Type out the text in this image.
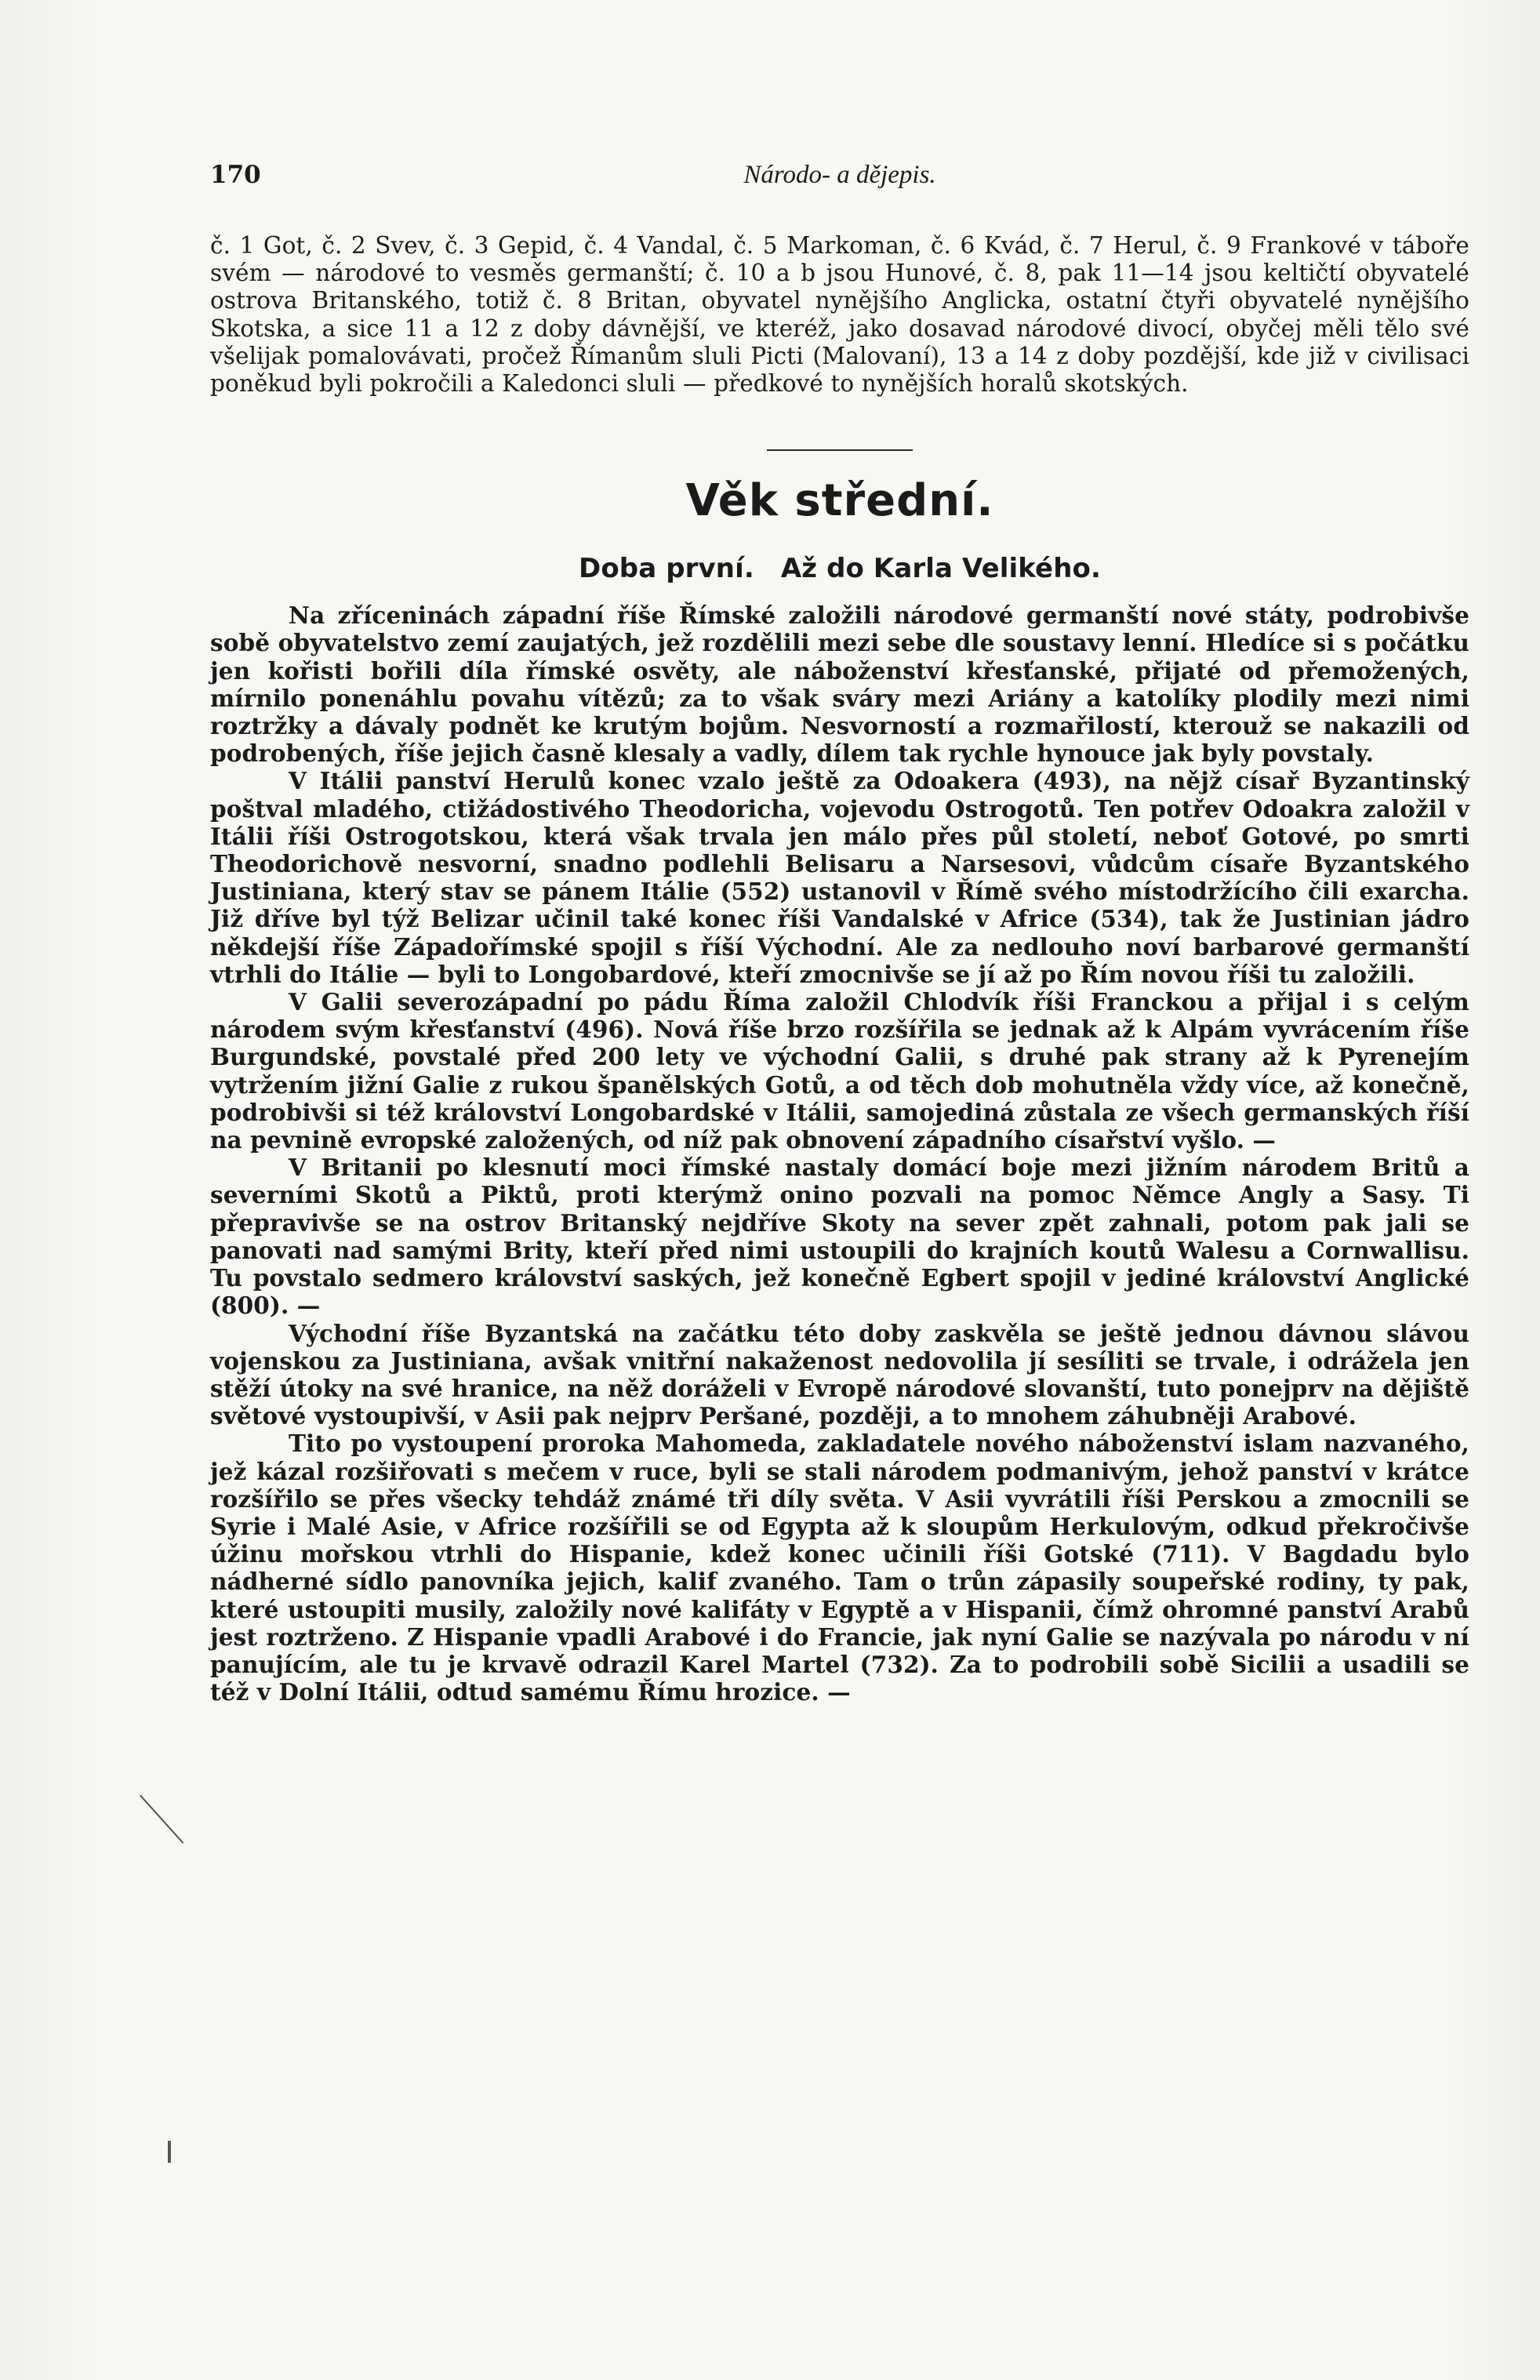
170	Národo- a dějepis.

č. 1 Got, č. 2 Svev, č. 3 Gepid, č. 4 Vandal, č. 5 Markoman, č. 6 Kvád, č. 7 Herul, č. 9 Frankové v táboře svém — národové to vesměs germanští; č. 10 a b jsou Hunové, č. 8, pak 11—14 jsou keltičtí obyvatelé ostrova Britanského, totiž č. 8 Britan, obyvatel nynějšího Anglicka, ostatní čtyři obyvatelé nynějšího Skotska, a sice 11 a 12 z doby dávnější, ve kteréž, jako dosavad národové divocí, obyčej měli tělo své všelijak pomalovávati, pročež Římanům sluli Picti (Malovaní), 13 a 14 z doby pozdější, kde již v civilisaci poněkud byli pokročili a Kaledonci sluli — předkové to nynějších horalů skotských.

Věk střední.
Doba první. Až do Karla Velikého.

Na zříceninách západní říše Římské založili národové germanští nové státy, podrobivše sobě obyvatelstvo zemí zaujatých, jež rozdělili mezi sebe dle soustavy lenní. Hledíce si s počátku jen kořisti bořili díla římské osvěty, ale náboženství křesťanské, přijaté od přemožených, mírnilo ponenáhlu povahu vítězů; za to však sváry mezi Ariány a katolíky plodily mezi nimi roztržky a dávaly podnět ke krutým bojům. Nesvorností a rozmařilostí, kterouž se nakazili od podrobených, říše jejich časně klesaly a vadly, dílem tak rychle hynouce jak byly povstaly.

V Itálii panství Herulů konec vzalo ještě za Odoakera (493), na nějž císař Byzantinský poštval mladého, ctižádostivého Theodoricha, vojevodu Ostrogotů. Ten potřev Odoakra založil v Itálii říši Ostrogotskou, která však trvala jen málo přes půl století, neboť Gotové, po smrti Theodorichově nesvorní, snadno podlehli Belisaru a Narsesovi, vůdcům císaře Byzantského Justiniana, který stav se pánem Itálie (552) ustanovil v Římě svého místodržícího čili exarcha. Již dříve byl týž Belizar učinil také konec říši Vandalské v Africe (534), tak že Justinian jádro někdejší říše Západořímské spojil s říší Východní. Ale za nedlouho noví barbarové germanští vtrhli do Itálie — byli to Longobardové, kteří zmocnivše se jí až po Řím novou říši tu založili.

V Galii severozápadní po pádu Říma založil Chlodvík říši Franckou a přijal i s celým národem svým křesťanství (496). Nová říše brzo rozšířila se jednak až k Alpám vyvrácením říše Burgundské, povstalé před 200 lety ve východní Galii, s druhé pak strany až k Pyrenejím vytržením jižní Galie z rukou španělských Gotů, a od těch dob mohutněla vždy více, až konečně, podrobivši si též království Longobardské v Itálii, samojediná zůstala ze všech germanských říší na pevnině evropské založených, od níž pak obnovení západního císařství vyšlo. —

V Britanii po klesnutí moci římské nastaly domácí boje mezi jižním národem Britů a severními Skotů a Piktů, proti kterýmž onino pozvali na pomoc Němce Angly a Sasy. Ti přepravivše se na ostrov Britanský nejdříve Skoty na sever zpět zahnali, potom pak jali se panovati nad samými Brity, kteří před nimi ustoupili do krajních koutů Walesu a Cornwallisu. Tu povstalo sedmero království saských, jež konečně Egbert spojil v jediné království Anglické (800). —

Východní říše Byzantská na začátku této doby zaskvěla se ještě jednou dávnou slávou vojenskou za Justiniana, avšak vnitřní nakaženost nedovolila jí sesíliti se trvale, i odrážela jen stěží útoky na své hranice, na něž doráželi v Evropě národové slovanští, tuto ponejprv na dějiště světové vystoupivší, v Asii pak nejprv Peršané, později, a to mnohem záhubněji Arabové.

Tito po vystoupení proroka Mahomeda, zakladatele nového náboženství islam nazvaného, jež kázal rozšiřovati s mečem v ruce, byli se stali národem podmanivým, jehož panství v krátce rozšířilo se přes všecky tehdáž známé tři díly světa. V Asii vyvrátili říši Perskou a zmocnili se Syrie i Malé Asie, v Africe rozšířili se od Egypta až k sloupům Herkulovým, odkud překročivše úžinu mořskou vtrhli do Hispanie, kdež konec učinili říši Gotské (711). V Bagdadu bylo nádherné sídlo panovníka jejich, kalif zvaného. Tam o trůn zápasily soupeřské rodiny, ty pak, které ustoupiti musily, založily nové kalifáty v Egyptě a v Hispanii, čímž ohromné panství Arabů jest roztrženo. Z Hispanie vpadli Arabové i do Francie, jak nyní Galie se nazývala po národu v ní panujícím, ale tu je krvavě odrazil Karel Martel (732). Za to podrobili sobě Sicilii a usadili se též v Dolní Itálii, odtud samému Římu hrozice. —
